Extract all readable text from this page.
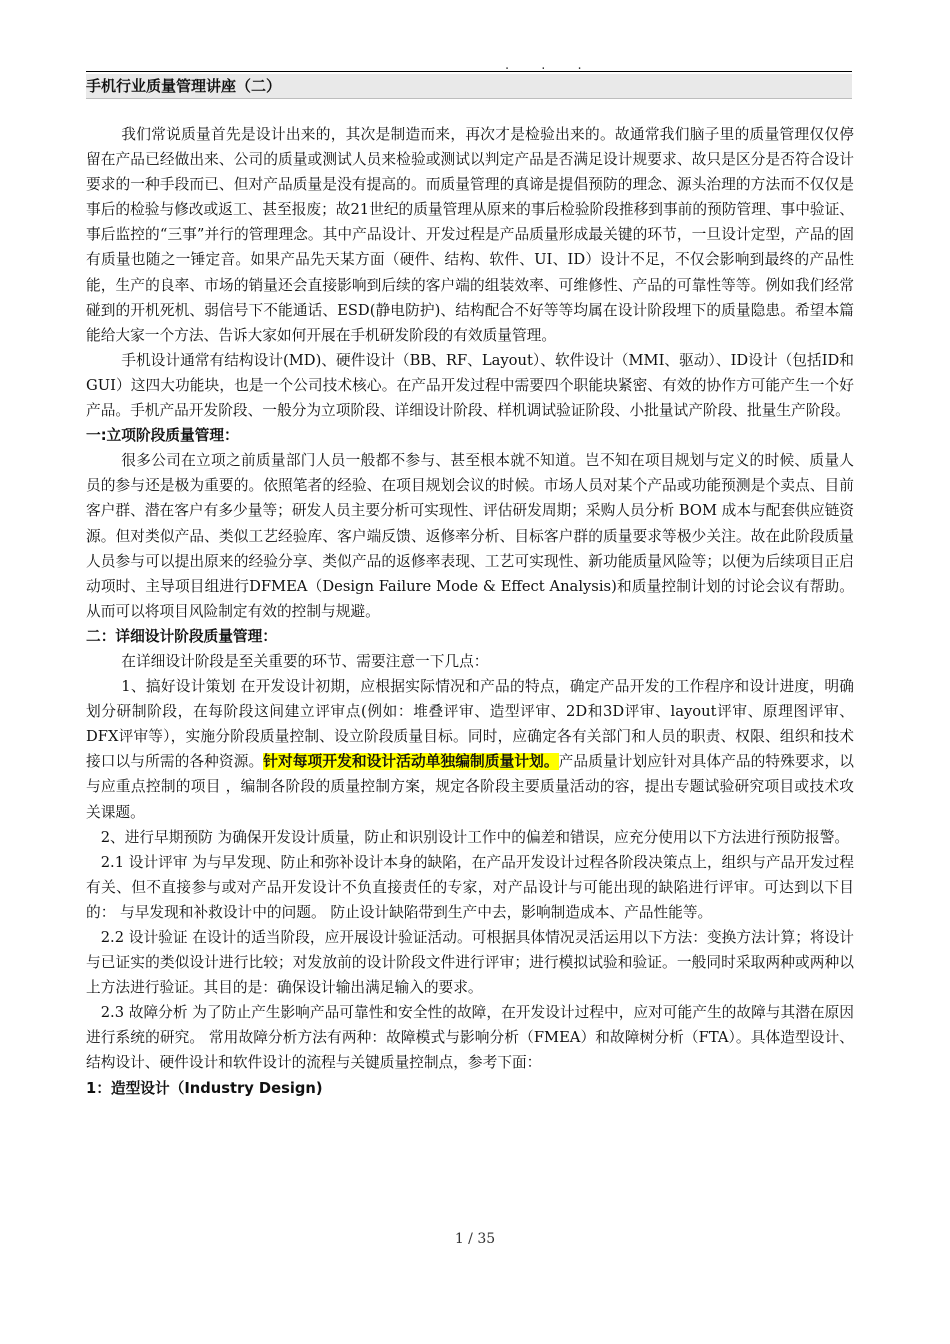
. . .
手机行业质量管理讲座（二）

我们常说质量首先是设计出来的，其次是制造而来，再次才是检验出来的。故通常我们脑子里的质量管理仅仅停留在产品已经做出来、公司的质量或测试人员来检验或测试以判定产品是否满足设计规要求、故只是区分是否符合设计要求的一种手段而已、但对产品质量是没有提高的。而质量管理的真谛是提倡预防的理念、源头治理的方法而不仅仅是事后的检验与修改或返工、甚至报废；故21世纪的质量管理从原来的事后检验阶段推移到事前的预防管理、事中验证、事后监控的“三事”并行的管理理念。其中产品设计、开发过程是产品质量形成最关键的环节，一旦设计定型，产品的固有质量也随之一锤定音。如果产品先天某方面（硬件、结构、软件、UI、ID）设计不足，不仅会影响到最终的产品性能，生产的良率、市场的销量还会直接影响到后续的客户端的组装效率、可维修性、产品的可靠性等等。例如我们经常碰到的开机死机、弱信号下不能通话、ESD(静电防护)、结构配合不好等等均属在设计阶段埋下的质量隐患。希望本篇能给大家一个方法、告诉大家如何开展在手机研发阶段的有效质量管理。

手机设计通常有结构设计(MD)、硬件设计（BB、RF、Layout）、软件设计（MMI、驱动）、ID设计（包括ID和GUI）这四大功能块，也是一个公司技术核心。在产品开发过程中需要四个职能块紧密、有效的协作方可能产生一个好产品。手机产品开发阶段、一般分为立项阶段、详细设计阶段、样机调试验证阶段、小批量试产阶段、批量生产阶段。

一:立项阶段质量管理：

很多公司在立项之前质量部门人员一般都不参与、甚至根本就不知道。岂不知在项目规划与定义的时候、质量人员的参与还是极为重要的。依照笔者的经验、在项目规划会议的时候。市场人员对某个产品或功能预测是个卖点、目前客户群、潜在客户有多少量等；研发人员主要分析可实现性、评估研发周期；采购人员分析 BOM 成本与配套供应链资源。但对类似产品、类似工艺经验库、客户端反馈、返修率分析、目标客户群的质量要求等极少关注。故在此阶段质量人员参与可以提出原来的经验分享、类似产品的返修率表现、工艺可实现性、新功能质量风险等；以便为后续项目正启动项时、主导项目组进行DFMEA（Design Failure Mode & Effect Analysis)和质量控制计划的讨论会议有帮助。从而可以将项目风险制定有效的控制与规避。

二：详细设计阶段质量管理：

在详细设计阶段是至关重要的环节、需要注意一下几点：

1、搞好设计策划 在开发设计初期，应根据实际情况和产品的特点，确定产品开发的工作程序和设计进度，明确划分研制阶段，在每阶段这间建立评审点(例如：堆叠评审、造型评审、2D和3D评审、layout评审、原理图评审、DFX评审等），实施分阶段质量控制、设立阶段质量目标。同时，应确定各有关部门和人员的职责、权限、组织和技术接口以与所需的各种资源。针对每项开发和设计活动单独编制质量计划。产品质量计划应针对具体产品的特殊要求，以与应重点控制的项目 ，编制各阶段的质量控制方案，规定各阶段主要质量活动的容，提出专题试验研究项目或技术攻关课题。

2、进行早期预防 为确保开发设计质量，防止和识别设计工作中的偏差和错误，应充分使用以下方法进行预防报警。

2.1 设计评审 为与早发现、防止和弥补设计本身的缺陷，在产品开发设计过程各阶段决策点上，组织与产品开发过程有关、但不直接参与或对产品开发设计不负直接责任的专家，对产品设计与可能出现的缺陷进行评审。可达到以下目的： 与早发现和补救设计中的问题。 防止设计缺陷带到生产中去，影响制造成本、产品性能等。

2.2 设计验证 在设计的适当阶段，应开展设计验证活动。可根据具体情况灵活运用以下方法：变换方法计算；将设计与已证实的类似设计进行比较；对发放前的设计阶段文件进行评审；进行模拟试验和验证。一般同时采取两种或两种以上方法进行验证。其目的是：确保设计输出满足输入的要求。

2.3 故障分析 为了防止产生影响产品可靠性和安全性的故障，在开发设计过程中，应对可能产生的故障与其潜在原因进行系统的研究。 常用故障分析方法有两种：故障模式与影响分析（FMEA）和故障树分析（FTA）。具体造型设计、结构设计、硬件设计和软件设计的流程与关键质量控制点，参考下面：

1：造型设计（Industry Design)

1 / 35
